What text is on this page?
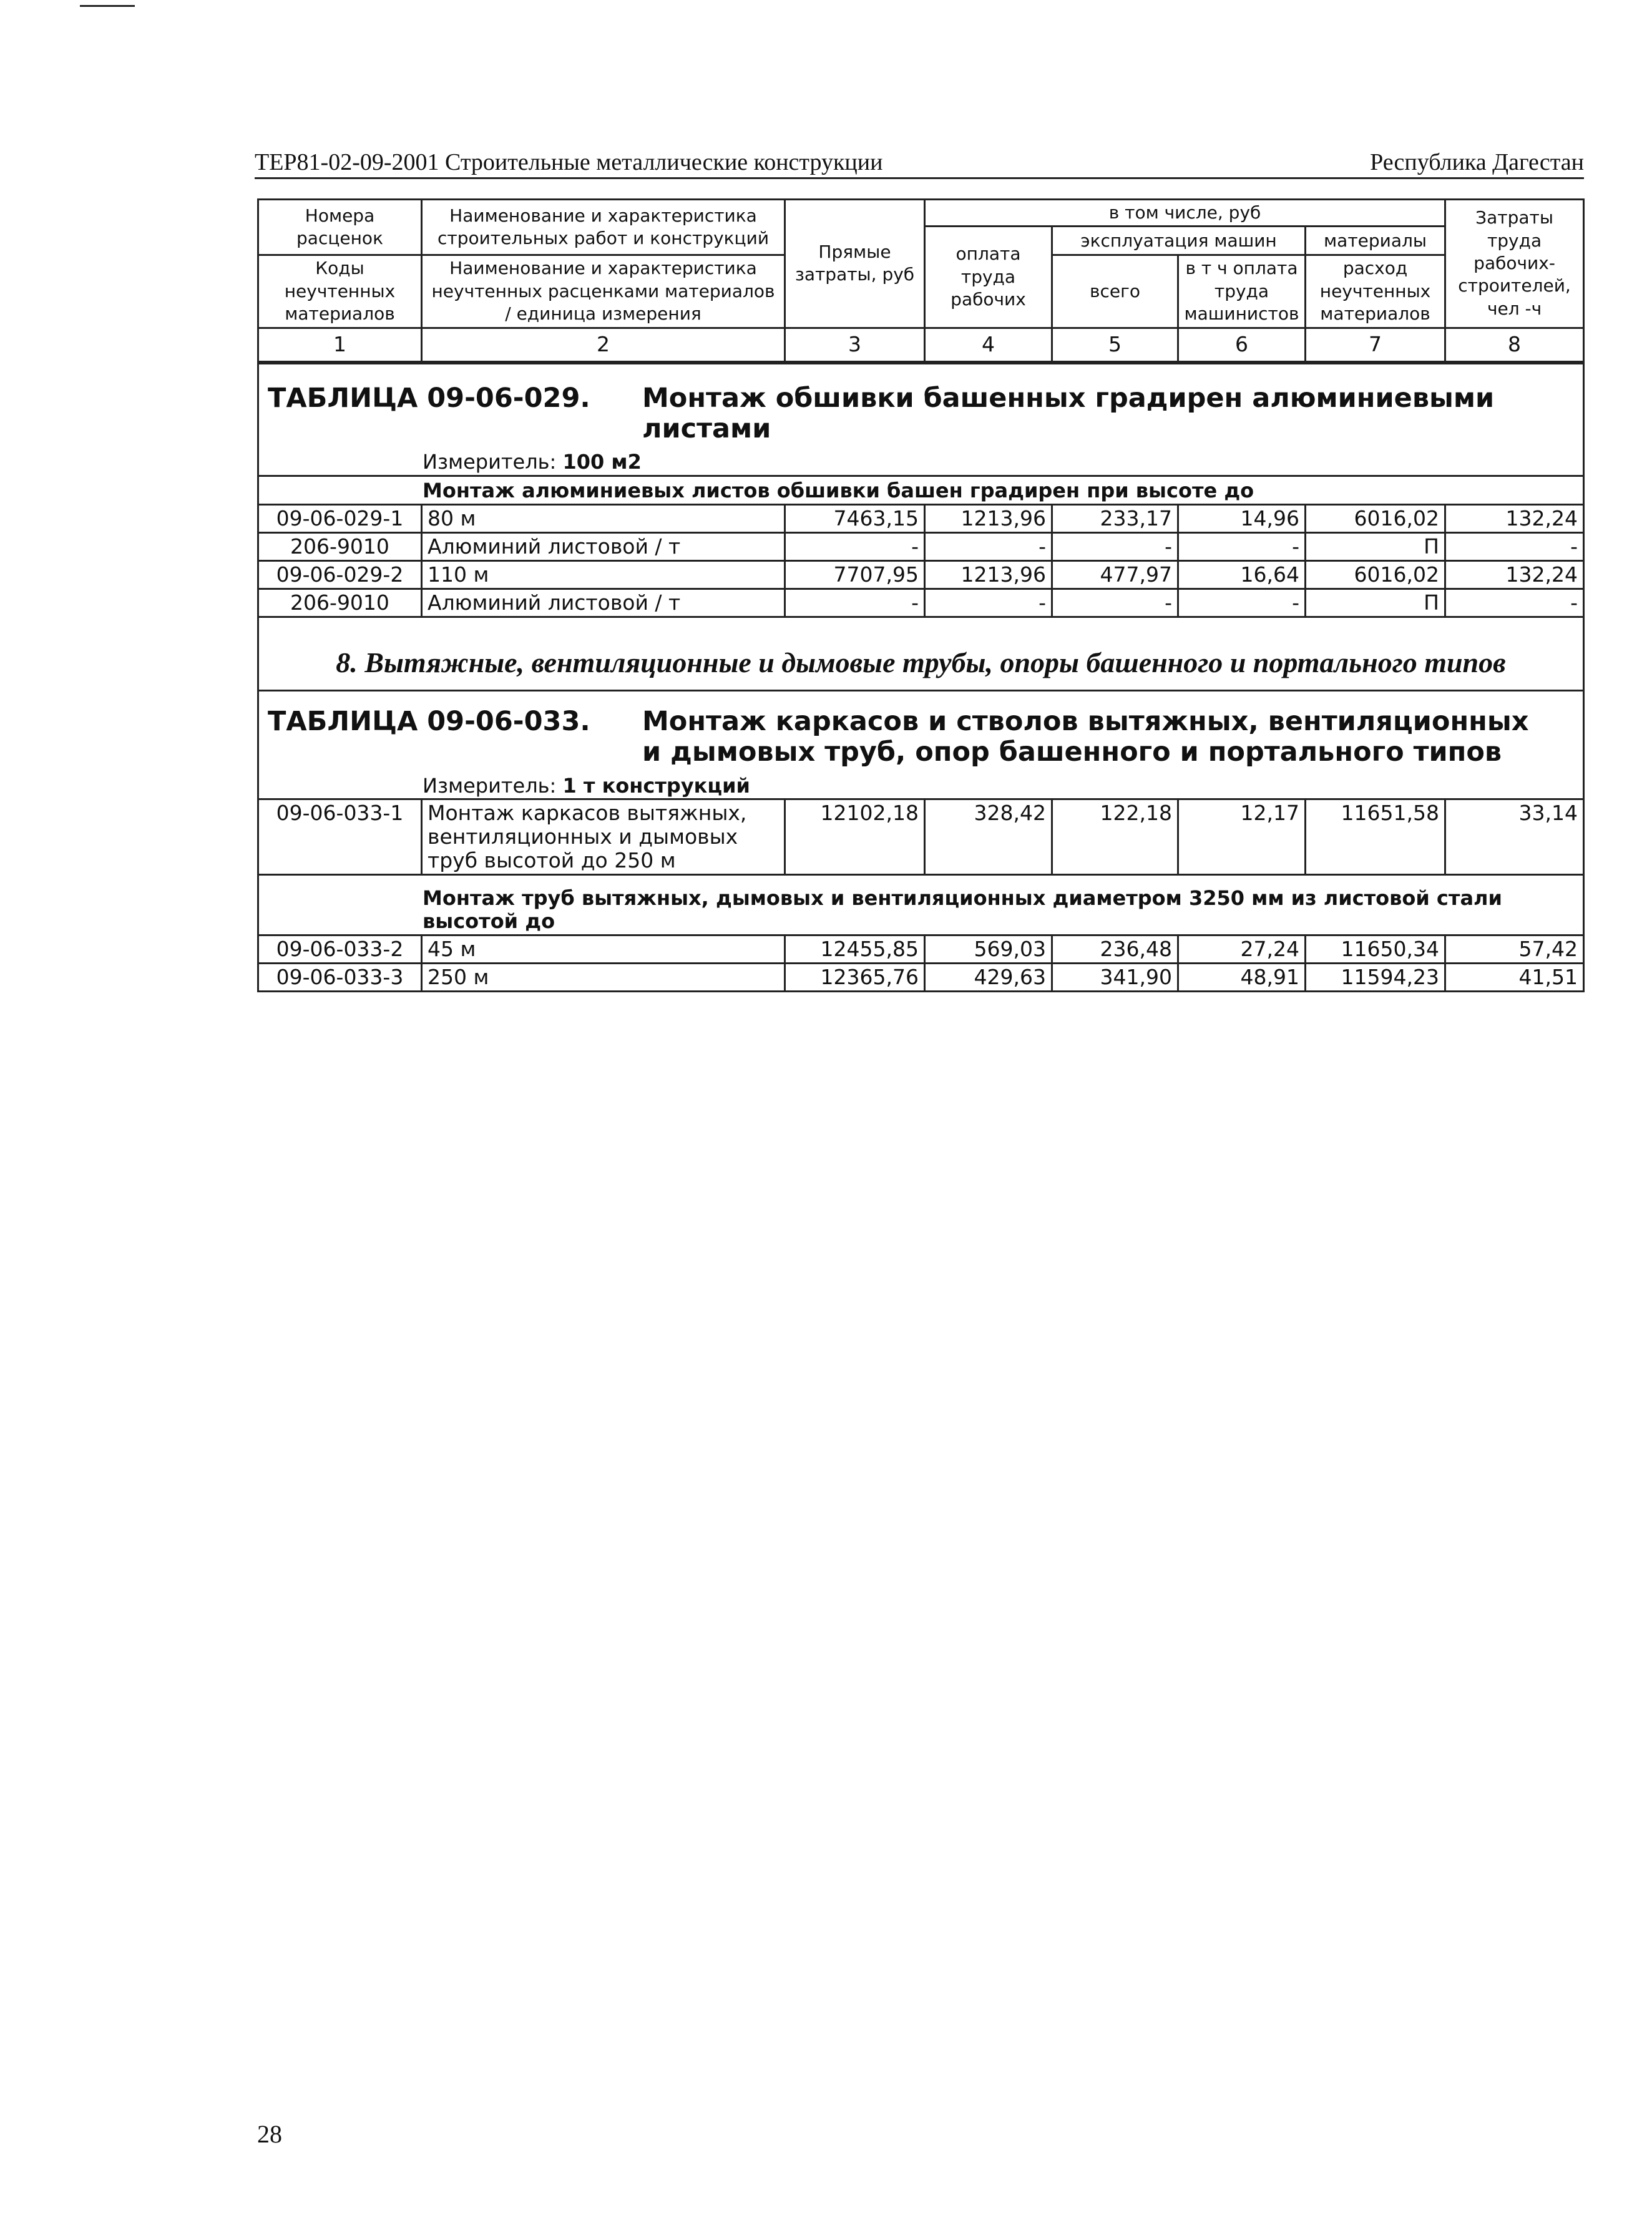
ТЕР81-02-09-2001 Строительные металлические конструкции	Республика Дагестан
Номера расценок	Наименование и характеристика строительных работ и конструкций	Прямые затраты, руб	в том числе, руб				Затраты труда рабочих-строителей, чел -ч
			оплата труда рабочих	эксплуатация машин		материалы	
Коды неучтенных материалов	Наименование и характеристика неучтенных расценками материалов / единица измерения			всего	в т ч оплата труда машинистов	расход неучтенных материалов	

1	2	3	4	5	6	7	8
ТАБЛИЦА 09-06-029. Монтаж обшивки башенных градирен алюминиевыми листами							
Измеритель: 100 м2							
Монтаж алюминиевых листов обшивки башен градирен при высоте до							
09-06-029-1	80 м	7463,15	1213,96	233,17	14,96	6016,02	132,24
206-9010	Алюминий листовой / т	-	-	-	-	П	-
09-06-029-2	110 м	7707,95	1213,96	477,97	16,64	6016,02	132,24
206-9010	Алюминий листовой / т	-	-	-	-	П	-
8. Вытяжные, вентиляционные и дымовые трубы, опоры башенного и портального типов							
ТАБЛИЦА 09-06-033. Монтаж каркасов и стволов вытяжных, вентиляционных и дымовых труб, опор башенного и портального типов							
Измеритель: 1 т конструкций							
09-06-033-1	Монтаж каркасов вытяжных, вентиляционных и дымовых труб высотой до 250 м	12102,18	328,42	122,18	12,17	11651,58	33,14
Монтаж труб вытяжных, дымовых и вентиляционных диаметром 3250 мм из листовой стали высотой до							
09-06-033-2	45 м	12455,85	569,03	236,48	27,24	11650,34	57,42
09-06-033-3	250 м	12365,76	429,63	341,90	48,91	11594,23	41,51
28
